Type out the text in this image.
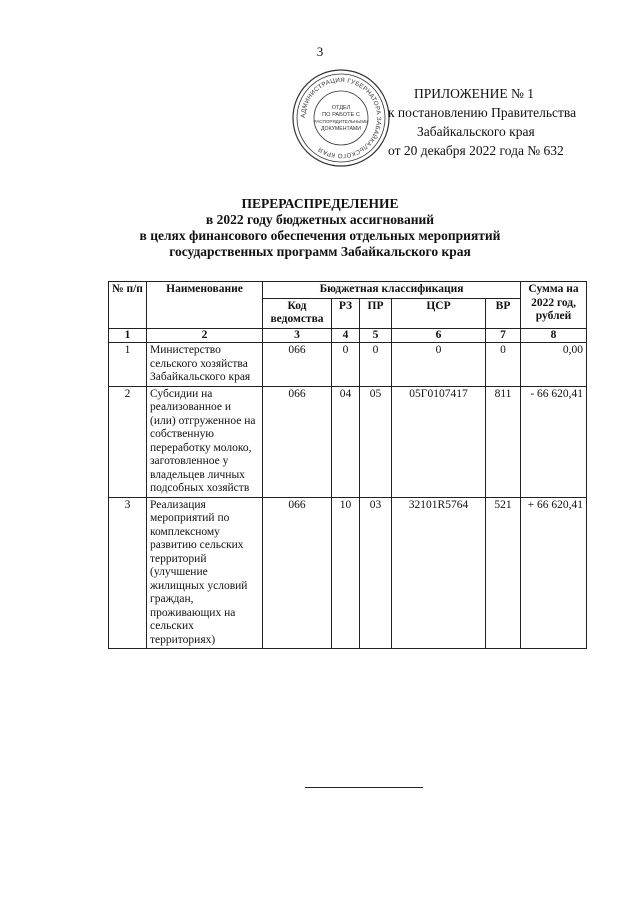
3
АДМИНИСТРАЦИЯ ГУБЕРНАТОРА ЗАБАЙКАЛЬСКОГО КРАЯ
ОТДЕЛ
ПО РАБОТЕ С
РАСПОРЯДИТЕЛЬНЫМИ
ДОКУМЕНТАМИ
ПРИЛОЖЕНИЕ № 1
к постановлению Правительства
Забайкальского края
от 20 декабря 2022 года № 632
ПЕРЕРАСПРЕДЕЛЕНИЕ
в 2022 году бюджетных ассигнований
в целях финансового обеспечения отдельных мероприятий
государственных программ Забайкальского края
№ п/п	Наименование	Бюджетная классификация					Сумма на 2022 год, рублей
		Код ведомства	РЗ	ПР	ЦСР	ВР	
1	2	3	4	5	6	7	8
1	Министерство сельского хозяйства Забайкальского края	066	0	0	0	0	0,00
2	Субсидии на реализованное и (или) отгруженное на собственную переработку молоко, заготовленное у владельцев личных подсобных хозяйств	066	04	05	05Г0107417	811	- 66 620,41
3	Реализация мероприятий по комплексному развитию сельских территорий (улучшение жилищных условий граждан, проживающих на сельских территориях)	066	10	03	32101R5764	521	+ 66 620,41
